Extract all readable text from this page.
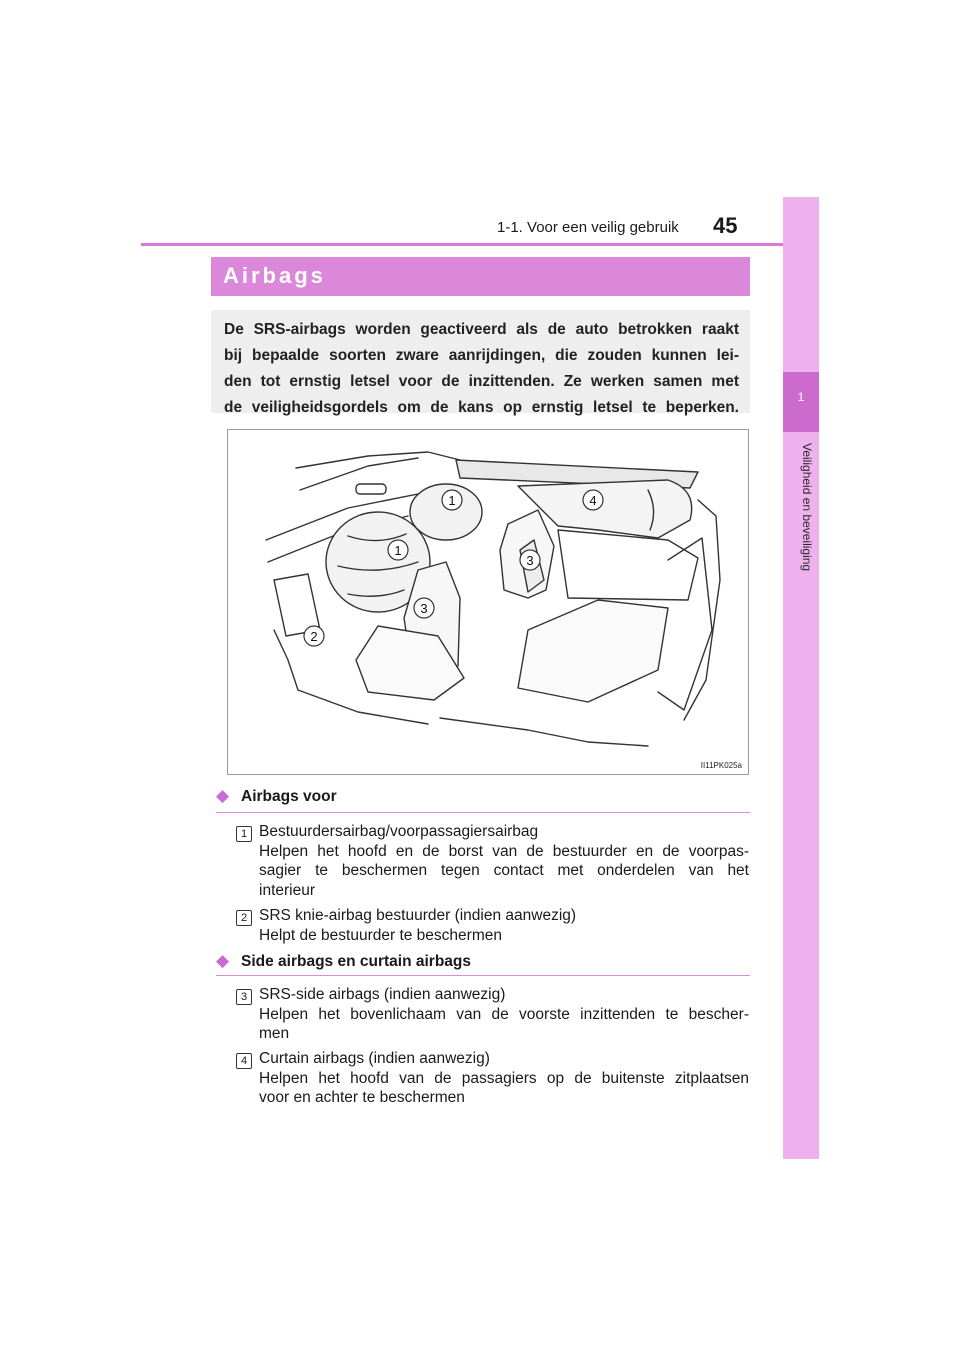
1-1. Voor een veilig gebruik 45
1
Veiligheid en beveiliging
Airbags
De SRS-airbags worden geactiveerd als de auto betrokken raakt
bij bepaalde soorten zware aanrijdingen, die zouden kunnen lei-
den tot ernstig letsel voor de inzittenden. Ze werken samen met
de veiligheidsgordels om de kans op ernstig letsel te beperken.
1
1
2
3
3
4
II11PK025a
◆ Airbags voor
1 Bestuurdersairbag/voorpassagiersairbag
Helpen het hoofd en de borst van de bestuurder en de voorpas-
sagier te beschermen tegen contact met onderdelen van het
interieur
2 SRS knie-airbag bestuurder (indien aanwezig)
Helpt de bestuurder te beschermen
◆ Side airbags en curtain airbags
3 SRS-side airbags (indien aanwezig)
Helpen het bovenlichaam van de voorste inzittenden te bescher-
men
4 Curtain airbags (indien aanwezig)
Helpen het hoofd van de passagiers op de buitenste zitplaatsen
voor en achter te beschermen
